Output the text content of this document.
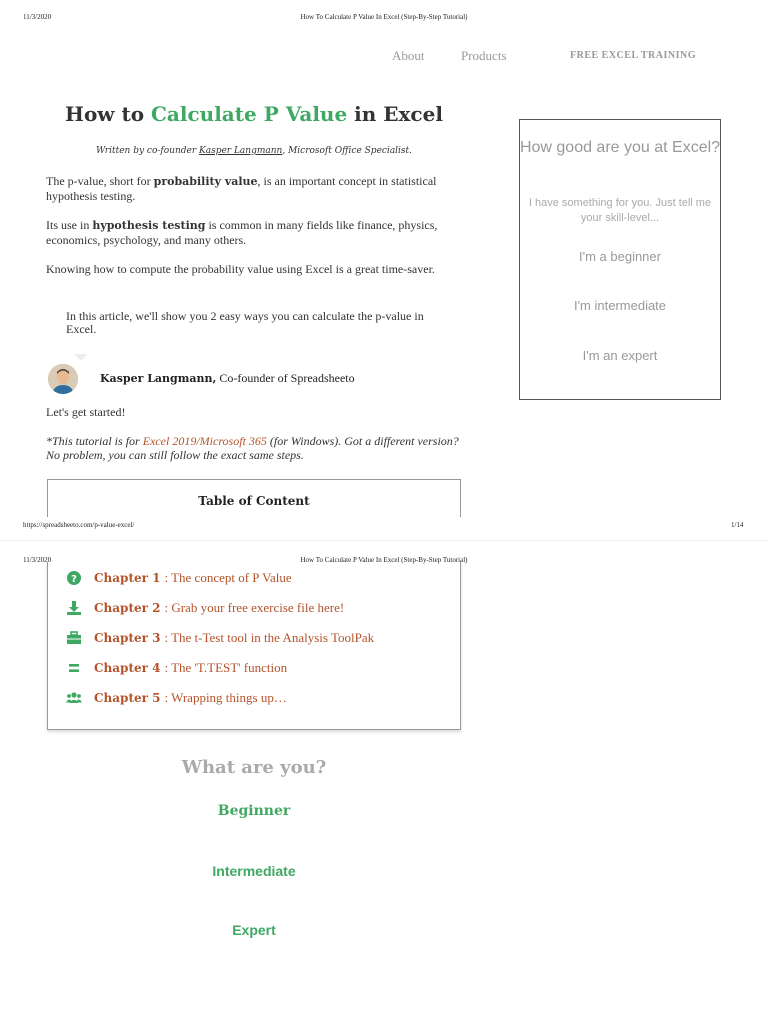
11/3/2020	How To Calculate P Value In Excel (Step-By-Step Tutorial)
About	Products	FREE EXCEL TRAINING
How to Calculate P Value in Excel
Written by co-founder Kasper Langmann, Microsoft Office Specialist.

The p-value, short for probability value, is an important concept in statistical hypothesis testing.

Its use in hypothesis testing is common in many fields like finance, physics, economics, psychology, and many others.

Knowing how to compute the probability value using Excel is a great time-saver.

In this article, we'll show you 2 easy ways you can calculate the p-value in Excel.

Kasper Langmann, Co-founder of Spreadsheeto

Let's get started!

*This tutorial is for Excel 2019/Microsoft 365 (for Windows). Got a different version? No problem, you can still follow the exact same steps.

Table of Content
https://spreadsheeto.com/p-value-excel/	1/14
11/3/2020	How To Calculate P Value In Excel (Step-By-Step Tutorial)
? Chapter 1 : The concept of P Value
Chapter 2 : Grab your free exercise file here!
Chapter 3 : The t-Test tool in the Analysis ToolPak
Chapter 4 : The 'T.TEST' function
Chapter 5 : Wrapping things up…
How good are you at Excel?
I have something for you. Just tell me your skill-level...
I'm a beginner
I'm intermediate
I'm an expert
What are you?
Beginner
Intermediate
Expert
